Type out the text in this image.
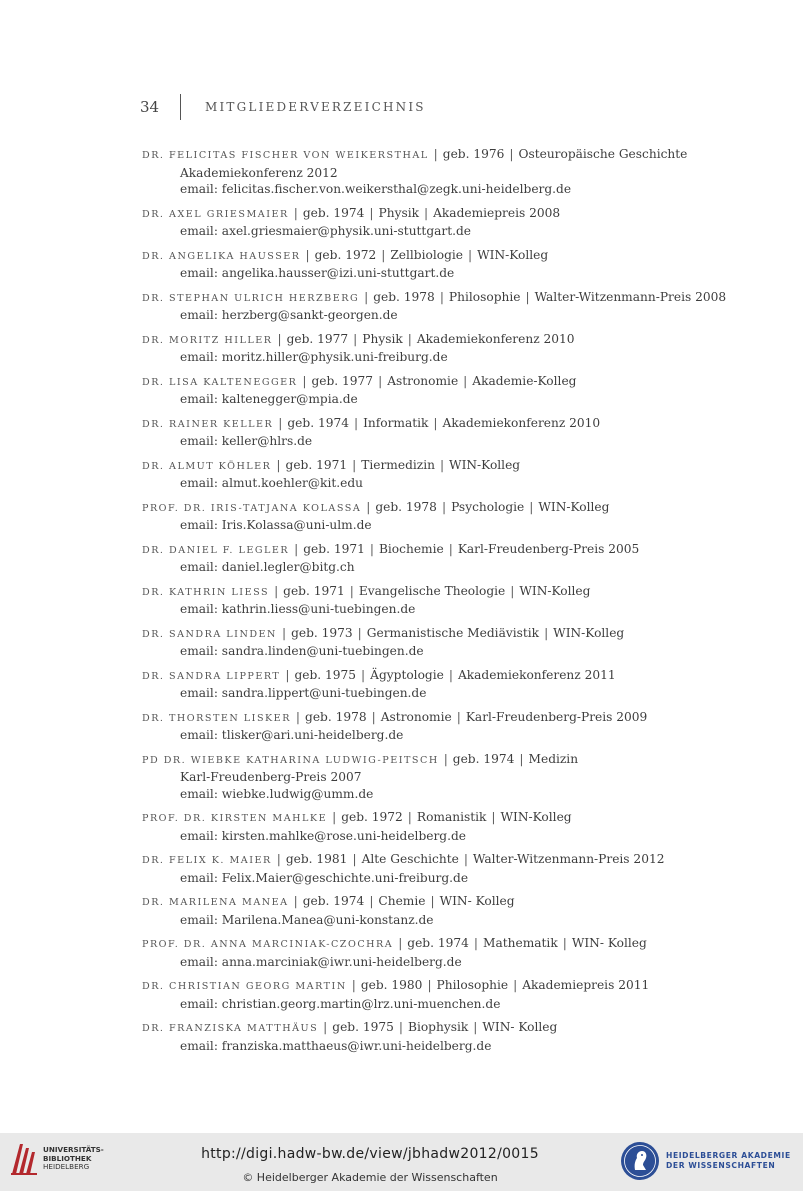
34	MITGLIEDERVERZEICHNIS
DR. FELICITAS FISCHER VON WEIKERSTHAL | geb. 1976 | Osteuropäische Geschichte
Akademiekonferenz 2012
email: felicitas.fischer.von.weikersthal@zegk.uni-heidelberg.de
DR. AXEL GRIESMAIER | geb. 1974 | Physik | Akademiepreis 2008
email: axel.griesmaier@physik.uni-stuttgart.de
DR. ANGELIKA HAUSSER | geb. 1972 | Zellbiologie | WIN-Kolleg
email: angelika.hausser@izi.uni-stuttgart.de
DR. STEPHAN ULRICH HERZBERG | geb. 1978 | Philosophie | Walter-Witzenmann-Preis 2008
email: herzberg@sankt-georgen.de
DR. MORITZ HILLER | geb. 1977 | Physik | Akademiekonferenz 2010
email: moritz.hiller@physik.uni-freiburg.de
DR. LISA KALTENEGGER | geb. 1977 | Astronomie | Akademie-Kolleg
email: kaltenegger@mpia.de
DR. RAINER KELLER | geb. 1974 | Informatik | Akademiekonferenz 2010
email: keller@hlrs.de
DR. ALMUT KÖHLER | geb. 1971 | Tiermedizin | WIN-Kolleg
email: almut.koehler@kit.edu
PROF. DR. IRIS-TATJANA KOLASSA | geb. 1978 | Psychologie | WIN-Kolleg
email: Iris.Kolassa@uni-ulm.de
DR. DANIEL F. LEGLER | geb. 1971 | Biochemie | Karl-Freudenberg-Preis 2005
email: daniel.legler@bitg.ch
DR. KATHRIN LIESS | geb. 1971 | Evangelische Theologie | WIN-Kolleg
email: kathrin.liess@uni-tuebingen.de
DR. SANDRA LINDEN | geb. 1973 | Germanistische Mediävistik | WIN-Kolleg
email: sandra.linden@uni-tuebingen.de
DR. SANDRA LIPPERT | geb. 1975 | Ägyptologie | Akademiekonferenz 2011
email: sandra.lippert@uni-tuebingen.de
DR. THORSTEN LISKER | geb. 1978 | Astronomie | Karl-Freudenberg-Preis 2009
email: tlisker@ari.uni-heidelberg.de
PD DR. WIEBKE KATHARINA LUDWIG-PEITSCH | geb. 1974 | Medizin
Karl-Freudenberg-Preis 2007
email: wiebke.ludwig@umm.de
PROF. DR. KIRSTEN MAHLKE | geb. 1972 | Romanistik | WIN-Kolleg
email: kirsten.mahlke@rose.uni-heidelberg.de
DR. FELIX K. MAIER | geb. 1981 | Alte Geschichte | Walter-Witzenmann-Preis 2012
email: Felix.Maier@geschichte.uni-freiburg.de
DR. MARILENA MANEA | geb. 1974 | Chemie | WIN- Kolleg
email: Marilena.Manea@uni-konstanz.de
PROF. DR. ANNA MARCINIAK-CZOCHRA | geb. 1974 | Mathematik | WIN- Kolleg
email: anna.marciniak@iwr.uni-heidelberg.de
DR. CHRISTIAN GEORG MARTIN | geb. 1980 | Philosophie | Akademiepreis 2011
email: christian.georg.martin@lrz.uni-muenchen.de
DR. FRANZISKA MATTHÄUS | geb. 1975 | Biophysik | WIN- Kolleg
email: franziska.matthaeus@iwr.uni-heidelberg.de
UNIVERSITÄTS-
BIBLIOTHEK
HEIDELBERG
http://digi.hadw-bw.de/view/jbhadw2012/0015
© Heidelberger Akademie der Wissenschaften
HEIDELBERGER AKADEMIE
DER WISSENSCHAFTEN
